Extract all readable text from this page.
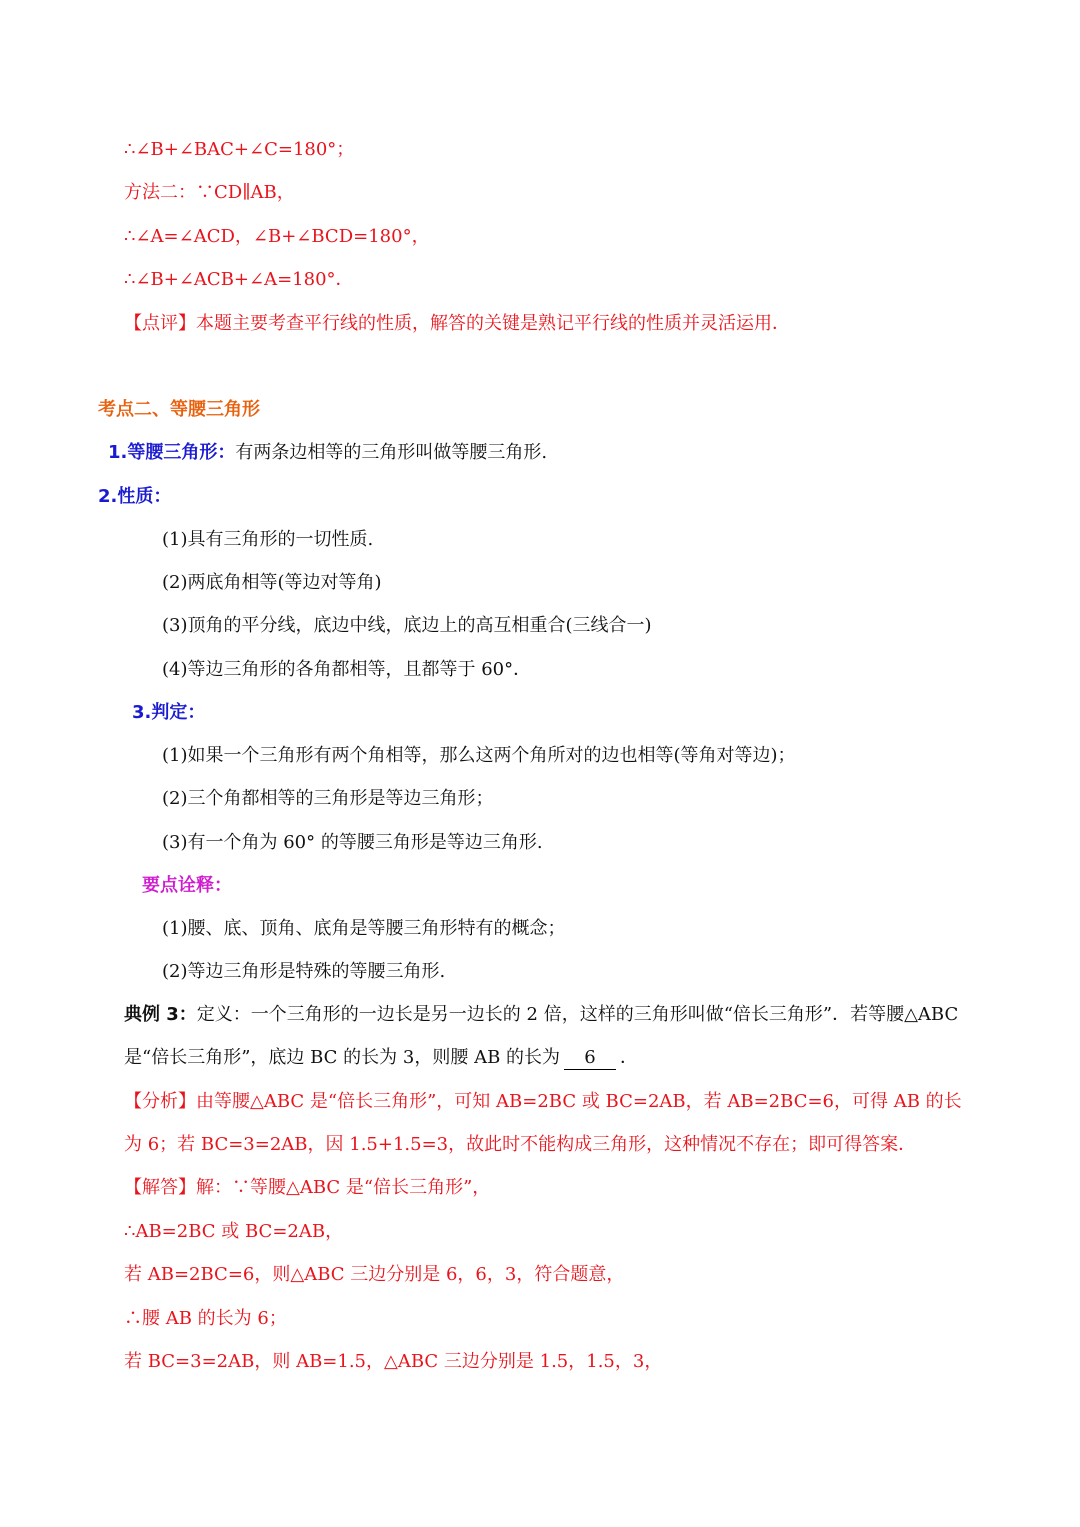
∴∠B+∠BAC+∠C=180°；
方法二：∵CD∥AB，
∴∠A=∠ACD，∠B+∠BCD=180°，
∴∠B+∠ACB+∠A=180°．
【点评】本题主要考查平行线的性质，解答的关键是熟记平行线的性质并灵活运用．
考点二、等腰三角形
1.等腰三角形：有两条边相等的三角形叫做等腰三角形.
2.性质：
(1)具有三角形的一切性质.
(2)两底角相等(等边对等角)
(3)顶角的平分线，底边中线，底边上的高互相重合(三线合一)
(4)等边三角形的各角都相等，且都等于 60°．
3.判定：
(1)如果一个三角形有两个角相等，那么这两个角所对的边也相等(等角对等边)；
(2)三个角都相等的三角形是等边三角形；
(3)有一个角为 60° 的等腰三角形是等边三角形.
要点诠释：
(1)腰、底、顶角、底角是等腰三角形特有的概念；
(2)等边三角形是特殊的等腰三角形.
典例 3：定义：一个三角形的一边长是另一边长的 2 倍，这样的三角形叫做“倍长三角形”．若等腰△ABC
是“倍长三角形”，底边 BC 的长为 3，则腰 AB 的长为 6 ．
【分析】由等腰△ABC 是“倍长三角形”，可知 AB=2BC 或 BC=2AB，若 AB=2BC=6，可得 AB 的长
为 6；若 BC=3=2AB，因 1.5+1.5=3，故此时不能构成三角形，这种情况不存在；即可得答案．
【解答】解：∵等腰△ABC 是“倍长三角形”，
∴AB=2BC 或 BC=2AB，
若 AB=2BC=6，则△ABC 三边分别是 6，6，3，符合题意，
∴腰 AB 的长为 6；
若 BC=3=2AB，则 AB=1.5，△ABC 三边分别是 1.5，1.5，3，
